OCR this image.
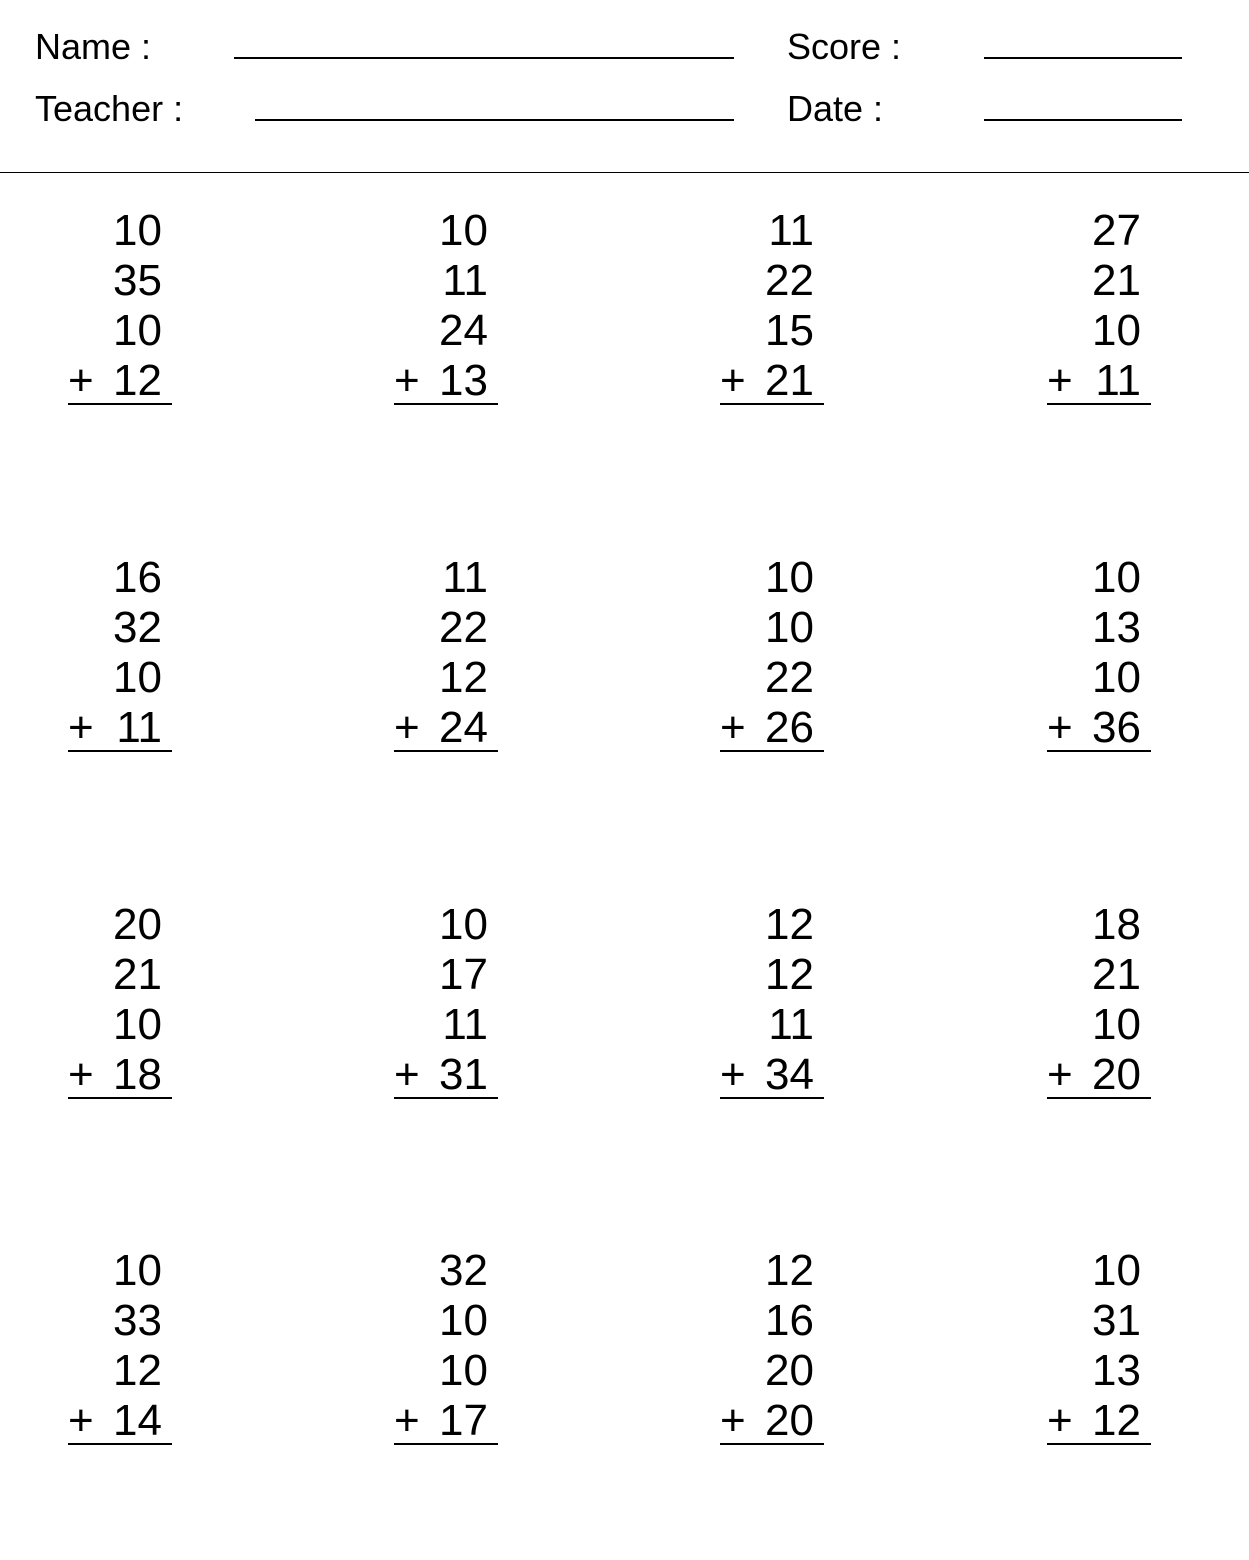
Name :	Score :
Teacher :	Date :
10
35
10
12
+
10
11
24
13
+
11
22
15
21
+
27
21
10
11
+
16
32
10
11
+
11
22
12
24
+
10
10
22
26
+
10
13
10
36
+
20
21
10
18
+
10
17
11
31
+
12
12
11
34
+
18
21
10
20
+
10
33
12
14
+
32
10
10
17
+
12
16
20
20
+
10
31
13
12
+
